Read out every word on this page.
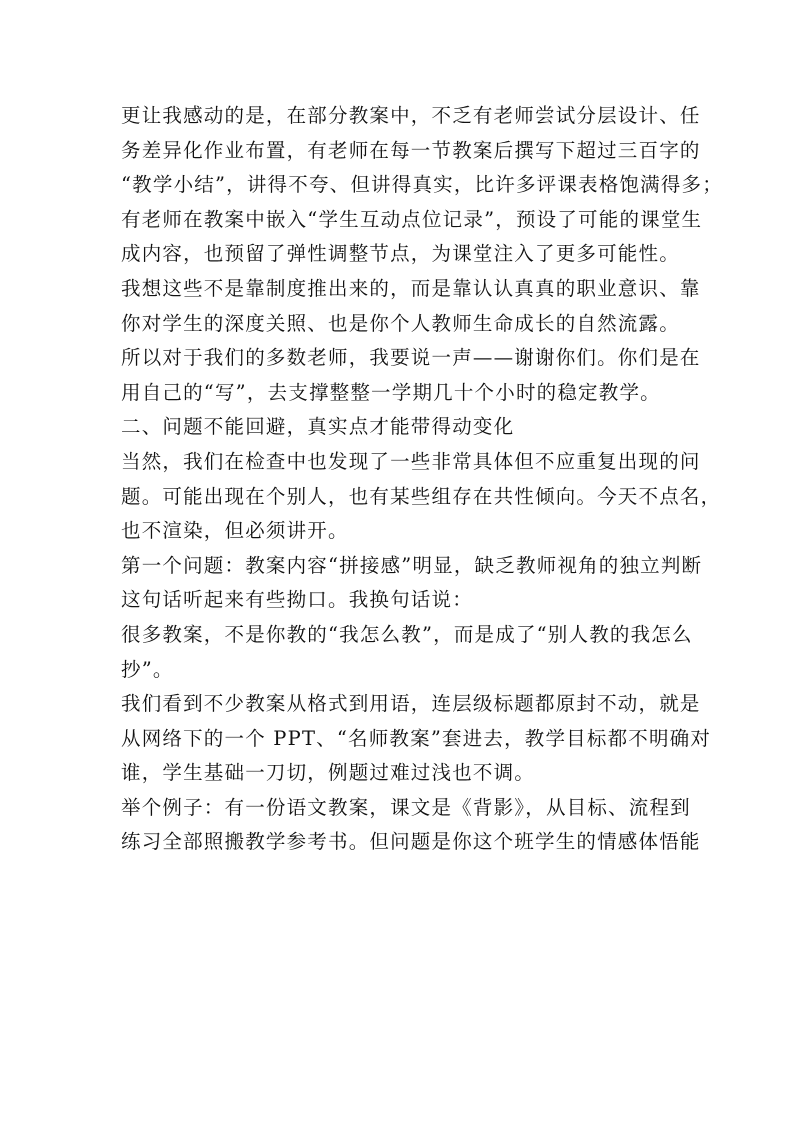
更让我感动的是，在部分教案中，不乏有老师尝试分层设计、任
务差异化作业布置，有老师在每一节教案后撰写下超过三百字的
“教学小结”，讲得不夸、但讲得真实，比许多评课表格饱满得多；
有老师在教案中嵌入“学生互动点位记录”，预设了可能的课堂生
成内容，也预留了弹性调整节点，为课堂注入了更多可能性。
我想这些不是靠制度推出来的，而是靠认认真真的职业意识、靠
你对学生的深度关照、也是你个人教师生命成长的自然流露。
所以对于我们的多数老师，我要说一声——谢谢你们。你们是在
用自己的“写”，去支撑整整一学期几十个小时的稳定教学。
二、问题不能回避，真实点才能带得动变化
当然，我们在检查中也发现了一些非常具体但不应重复出现的问
题。可能出现在个别人，也有某些组存在共性倾向。今天不点名，
也不渲染，但必须讲开。
第一个问题：教案内容“拼接感”明显，缺乏教师视角的独立判断
这句话听起来有些拗口。我换句话说：
很多教案，不是你教的“我怎么教”，而是成了“别人教的我怎么
抄”。
我们看到不少教案从格式到用语，连层级标题都原封不动，就是
从网络下的一个 PPT、“名师教案”套进去，教学目标都不明确对
谁，学生基础一刀切，例题过难过浅也不调。
举个例子：有一份语文教案，课文是《背影》，从目标、流程到
练习全部照搬教学参考书。但问题是你这个班学生的情感体悟能
